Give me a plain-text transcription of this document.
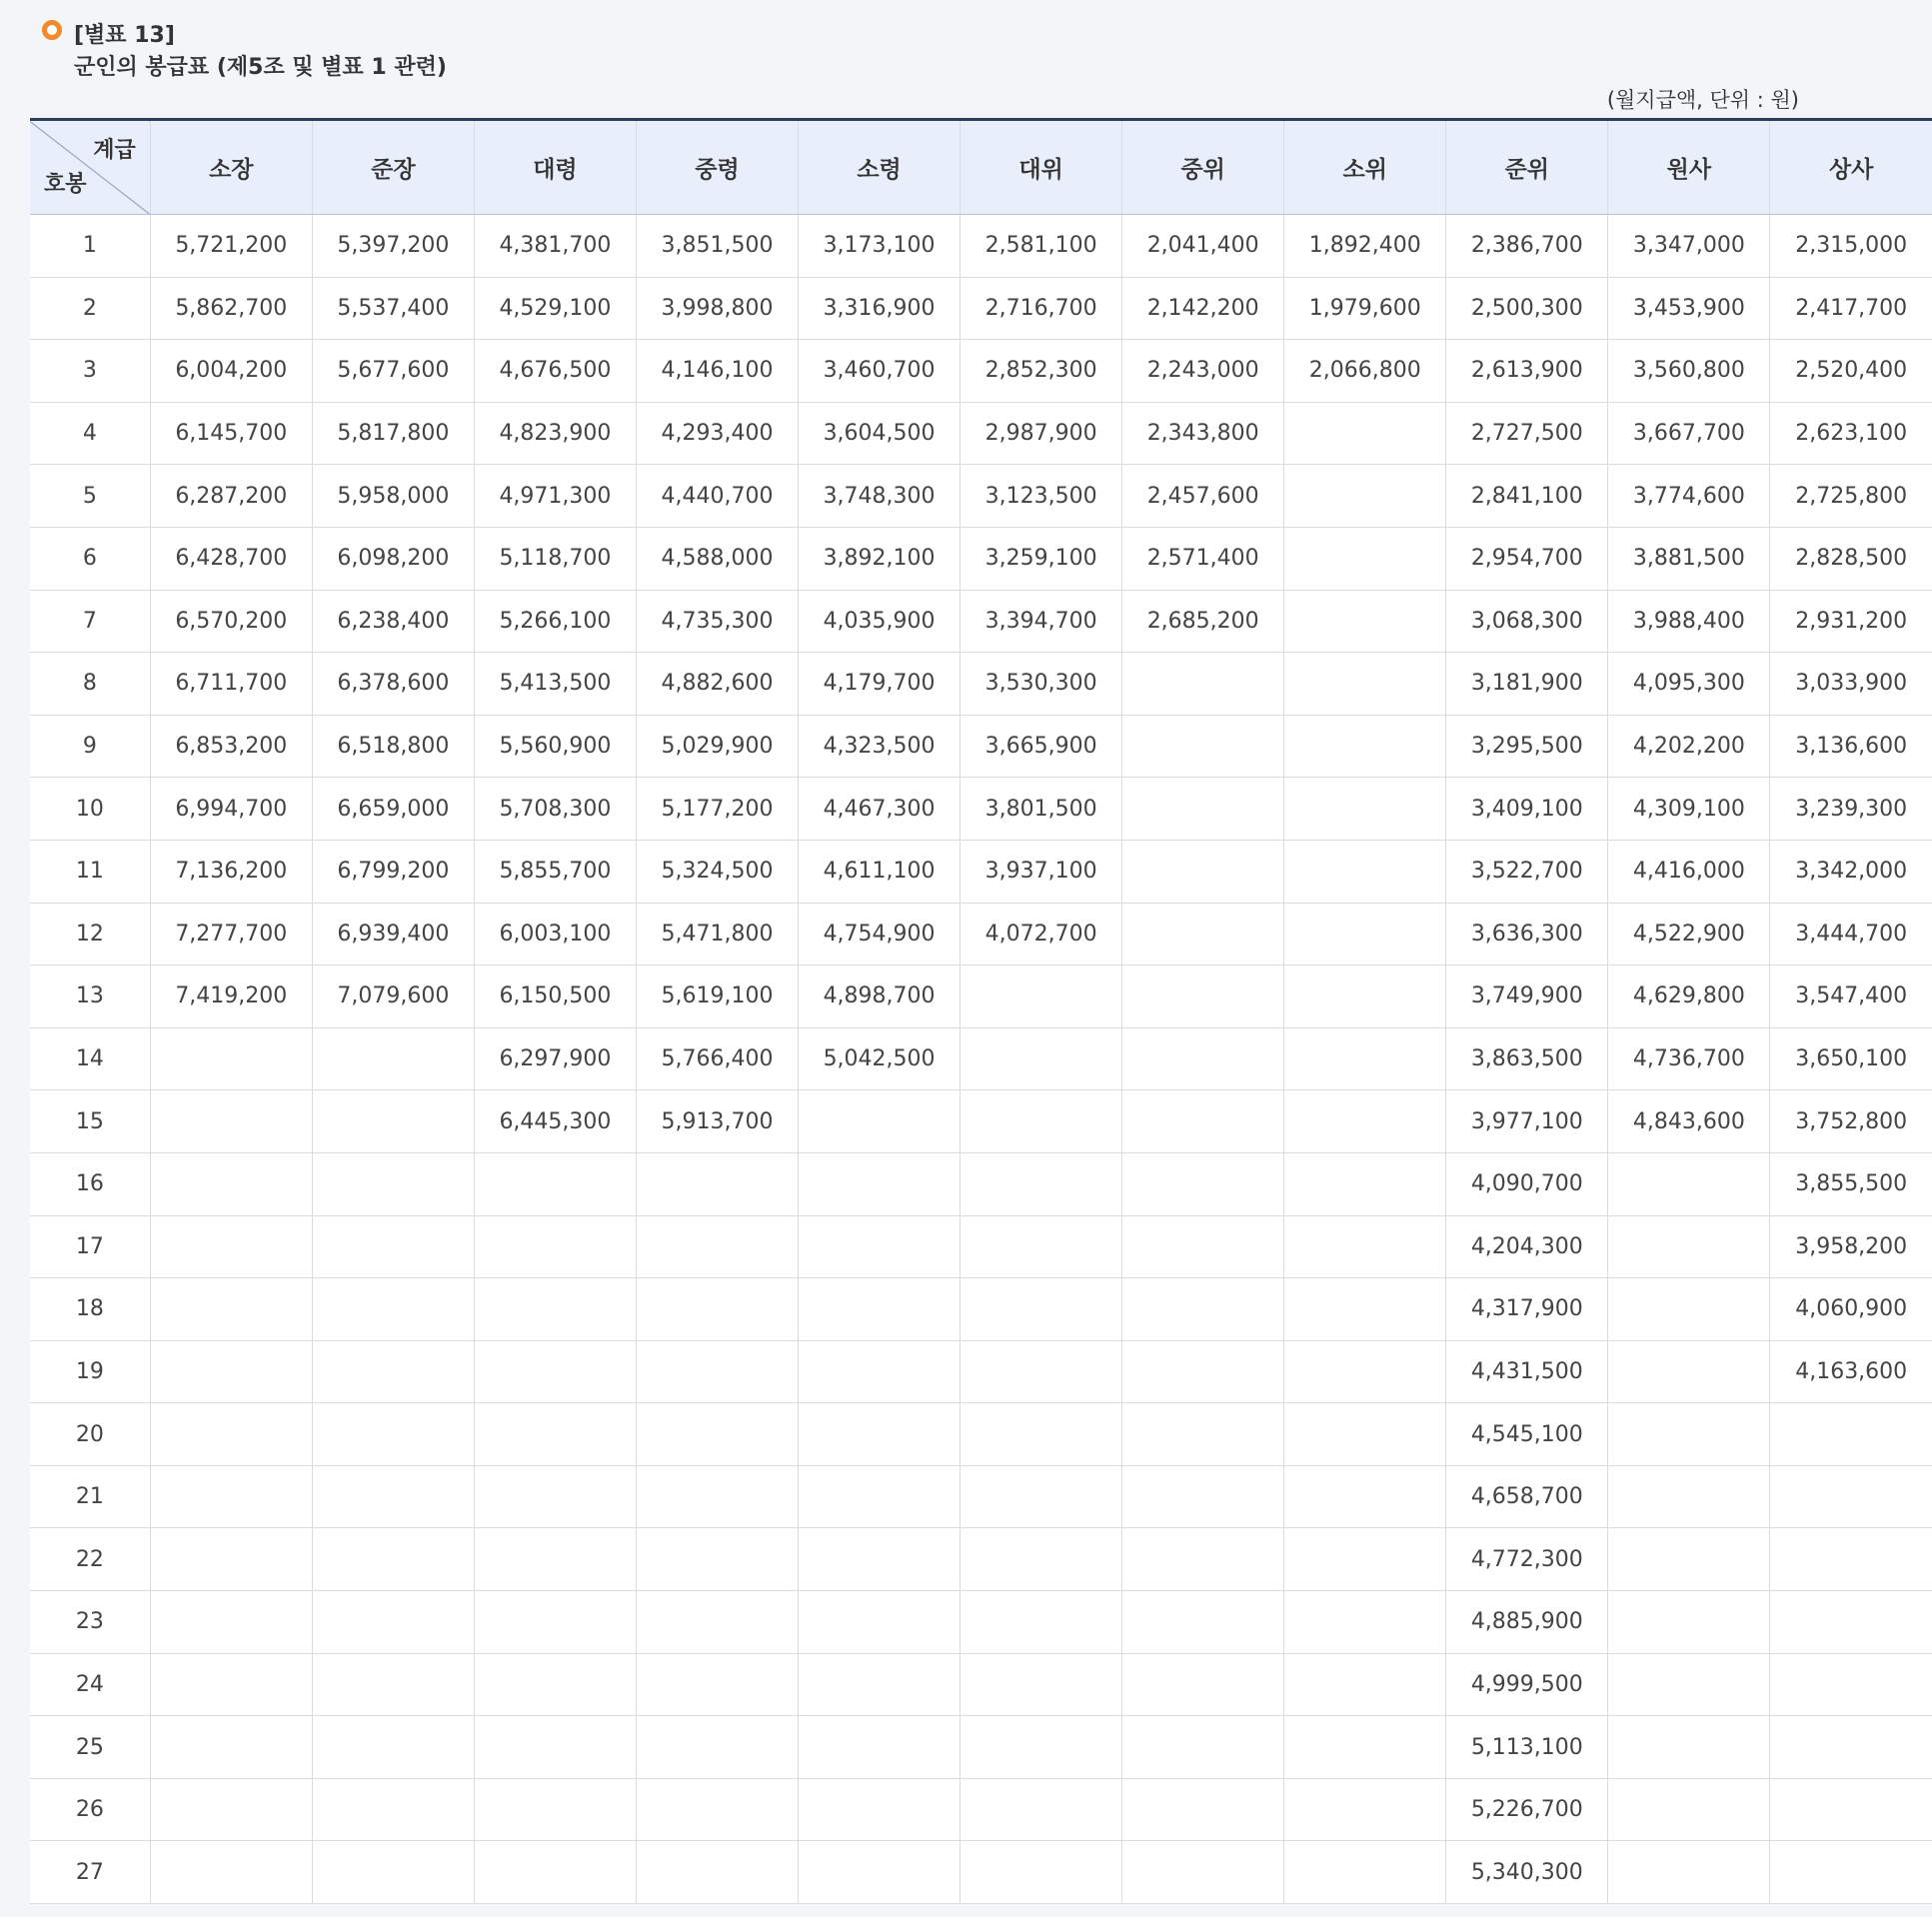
[별표 13]
군인의 봉급표 (제5조 및 별표 1 관련)
(월지급액, 단위 : 원)
계급
호봉	소장	준장	대령	중령	소령	대위	중위	소위	준위	원사	상사
1	5,721,200	5,397,200	4,381,700	3,851,500	3,173,100	2,581,100	2,041,400	1,892,400	2,386,700	3,347,000	2,315,000
2	5,862,700	5,537,400	4,529,100	3,998,800	3,316,900	2,716,700	2,142,200	1,979,600	2,500,300	3,453,900	2,417,700
3	6,004,200	5,677,600	4,676,500	4,146,100	3,460,700	2,852,300	2,243,000	2,066,800	2,613,900	3,560,800	2,520,400
4	6,145,700	5,817,800	4,823,900	4,293,400	3,604,500	2,987,900	2,343,800		2,727,500	3,667,700	2,623,100
5	6,287,200	5,958,000	4,971,300	4,440,700	3,748,300	3,123,500	2,457,600		2,841,100	3,774,600	2,725,800
6	6,428,700	6,098,200	5,118,700	4,588,000	3,892,100	3,259,100	2,571,400		2,954,700	3,881,500	2,828,500
7	6,570,200	6,238,400	5,266,100	4,735,300	4,035,900	3,394,700	2,685,200		3,068,300	3,988,400	2,931,200
8	6,711,700	6,378,600	5,413,500	4,882,600	4,179,700	3,530,300			3,181,900	4,095,300	3,033,900
9	6,853,200	6,518,800	5,560,900	5,029,900	4,323,500	3,665,900			3,295,500	4,202,200	3,136,600
10	6,994,700	6,659,000	5,708,300	5,177,200	4,467,300	3,801,500			3,409,100	4,309,100	3,239,300
11	7,136,200	6,799,200	5,855,700	5,324,500	4,611,100	3,937,100			3,522,700	4,416,000	3,342,000
12	7,277,700	6,939,400	6,003,100	5,471,800	4,754,900	4,072,700			3,636,300	4,522,900	3,444,700
13	7,419,200	7,079,600	6,150,500	5,619,100	4,898,700				3,749,900	4,629,800	3,547,400
14			6,297,900	5,766,400	5,042,500				3,863,500	4,736,700	3,650,100
15			6,445,300	5,913,700					3,977,100	4,843,600	3,752,800
16									4,090,700		3,855,500
17									4,204,300		3,958,200
18									4,317,900		4,060,900
19									4,431,500		4,163,600
20									4,545,100		
21									4,658,700		
22									4,772,300		
23									4,885,900		
24									4,999,500		
25									5,113,100		
26									5,226,700		
27									5,340,300		
